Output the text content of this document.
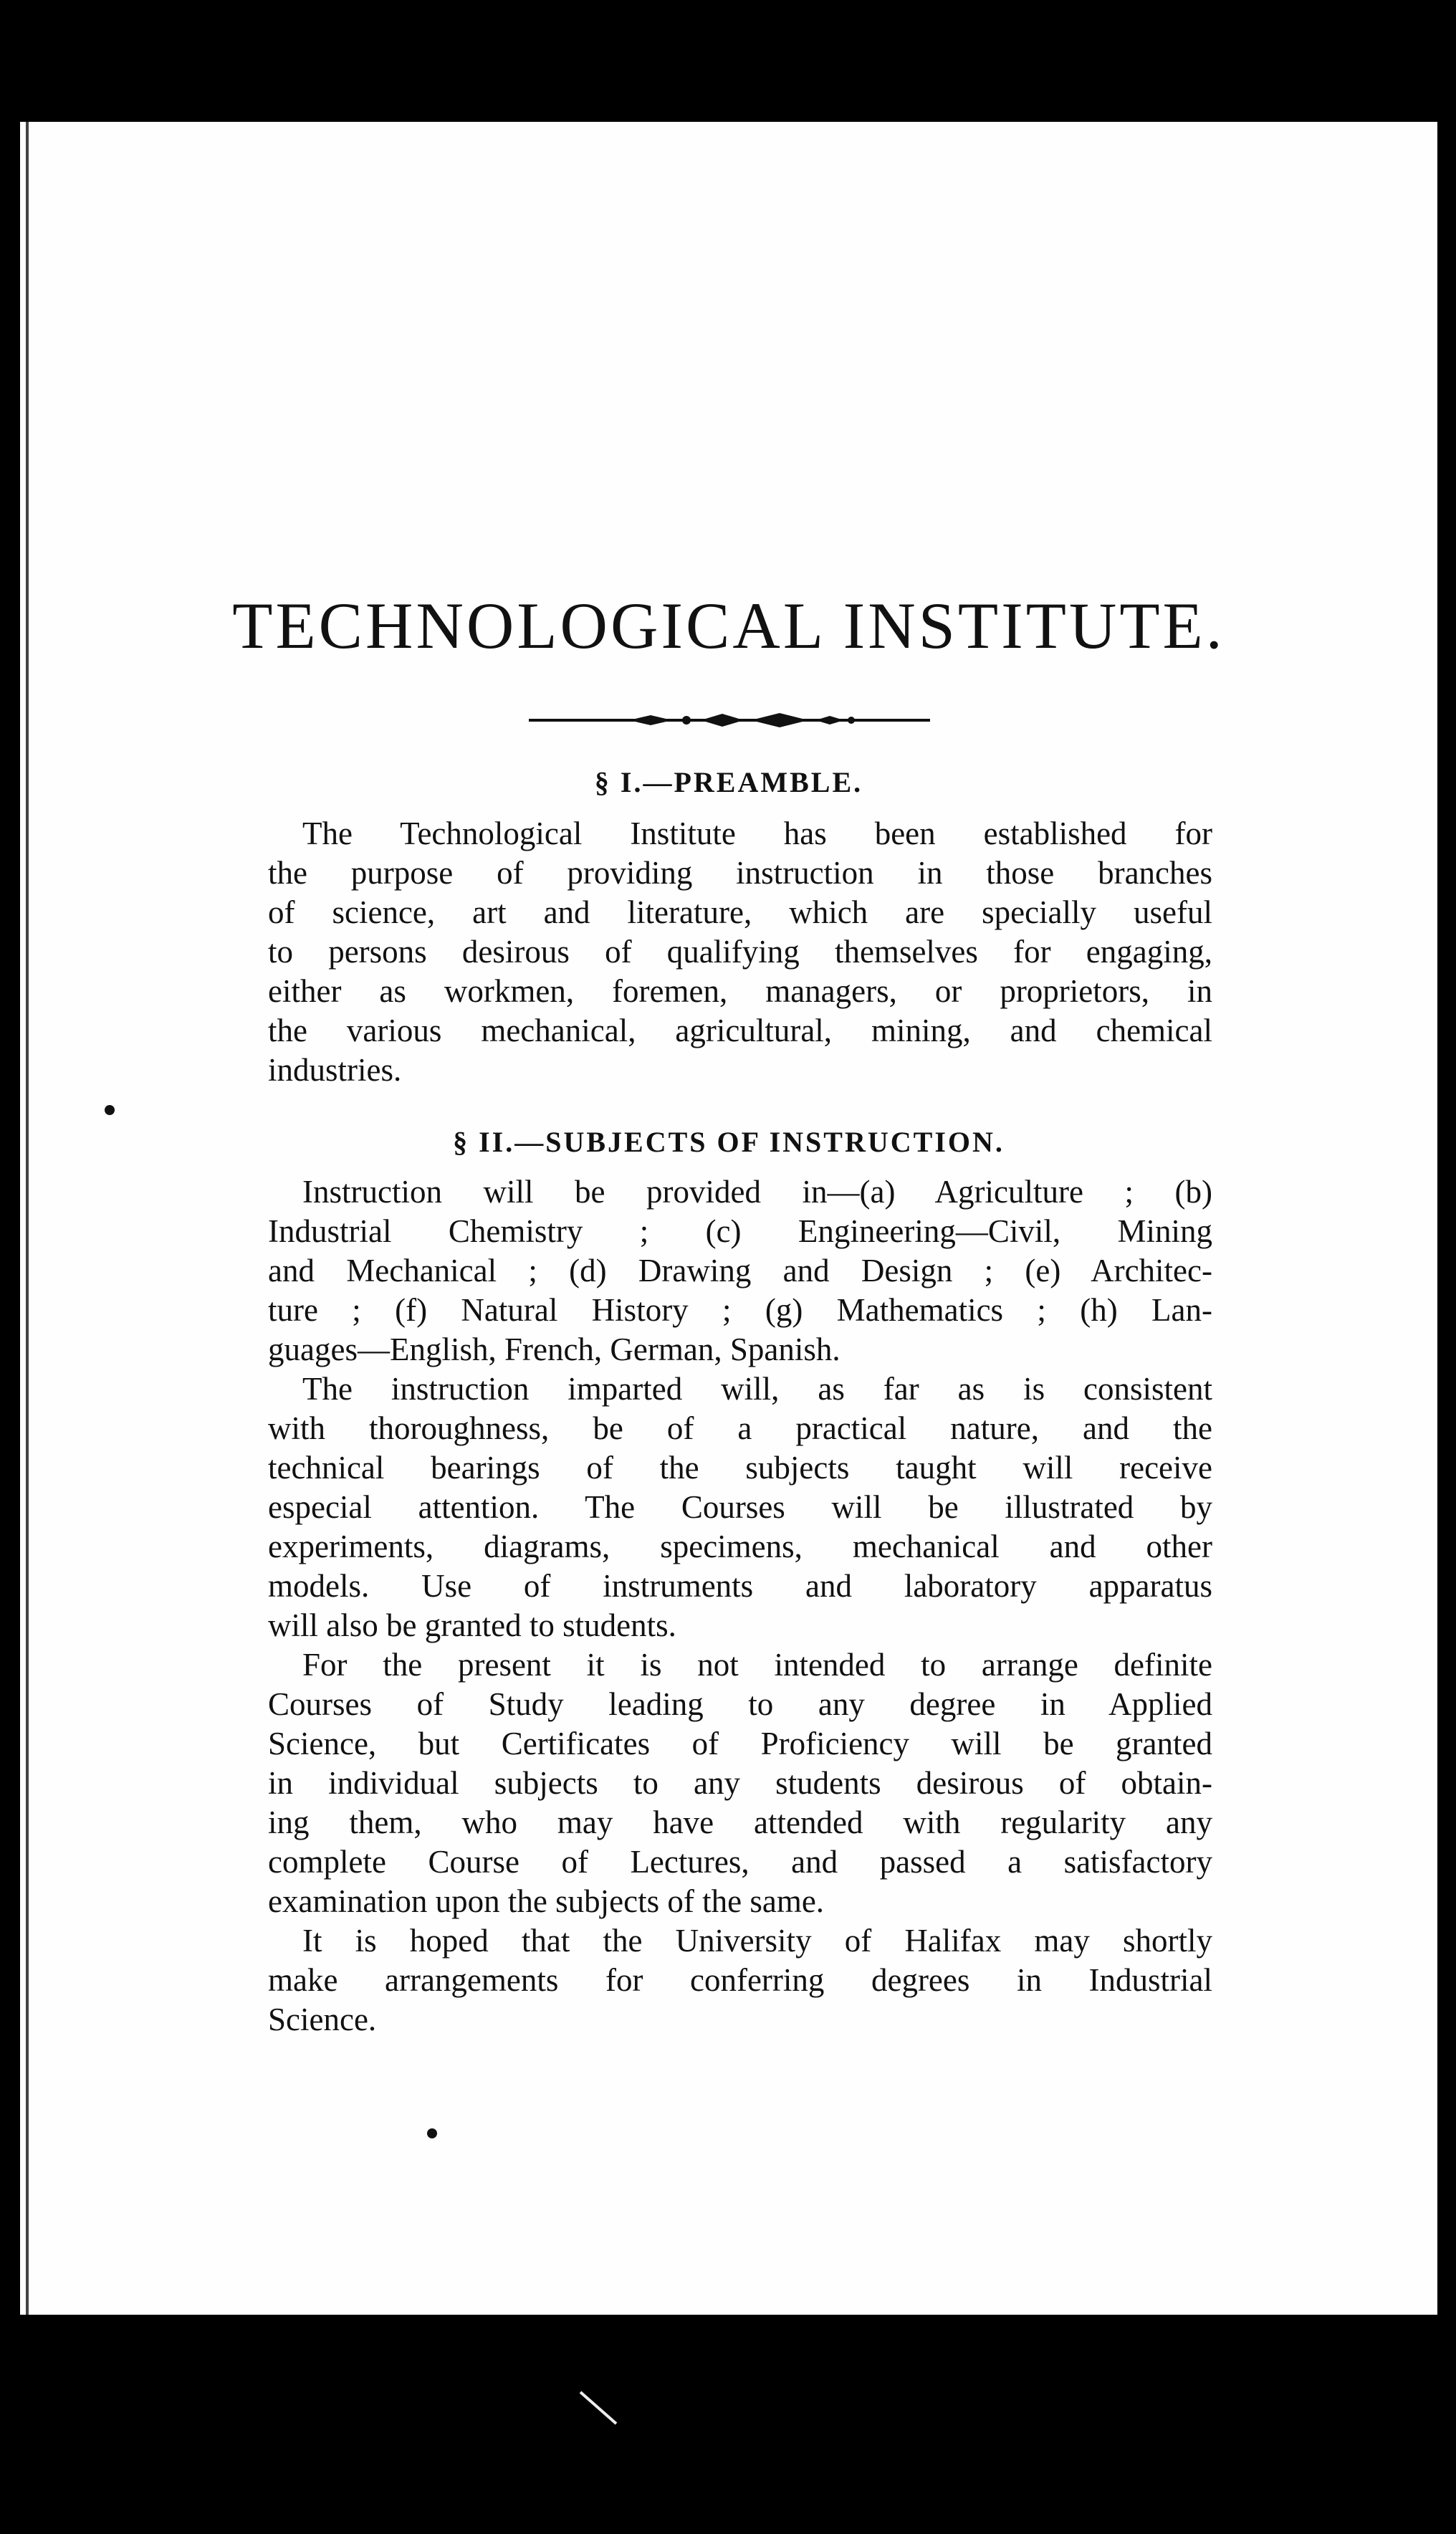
TECHNOLOGICAL INSTITUTE.
§ I.—PREAMBLE.
The Technological Institute has been established for
the purpose of providing instruction in those branches
of science, art and literature, which are specially useful
to persons desirous of qualifying themselves for engaging,
either as workmen, foremen, managers, or proprietors, in
the various mechanical, agricultural, mining, and chemical
industries.
§ II.—SUBJECTS OF INSTRUCTION.
Instruction will be provided in—(a) Agriculture ; (b)
Industrial Chemistry ; (c) Engineering—Civil, Mining
and Mechanical ; (d) Drawing and Design ; (e) Architec-
ture ; (f) Natural History ; (g) Mathematics ; (h) Lan-
guages—English, French, German, Spanish.
The instruction imparted will, as far as is consistent
with thoroughness, be of a practical nature, and the
technical bearings of the subjects taught will receive
especial attention. The Courses will be illustrated by
experiments, diagrams, specimens, mechanical and other
models. Use of instruments and laboratory apparatus
will also be granted to students.
For the present it is not intended to arrange definite
Courses of Study leading to any degree in Applied
Science, but Certificates of Proficiency will be granted
in individual subjects to any students desirous of obtain-
ing them, who may have attended with regularity any
complete Course of Lectures, and passed a satisfactory
examination upon the subjects of the same.
It is hoped that the University of Halifax may shortly
make arrangements for conferring degrees in Industrial
Science.
